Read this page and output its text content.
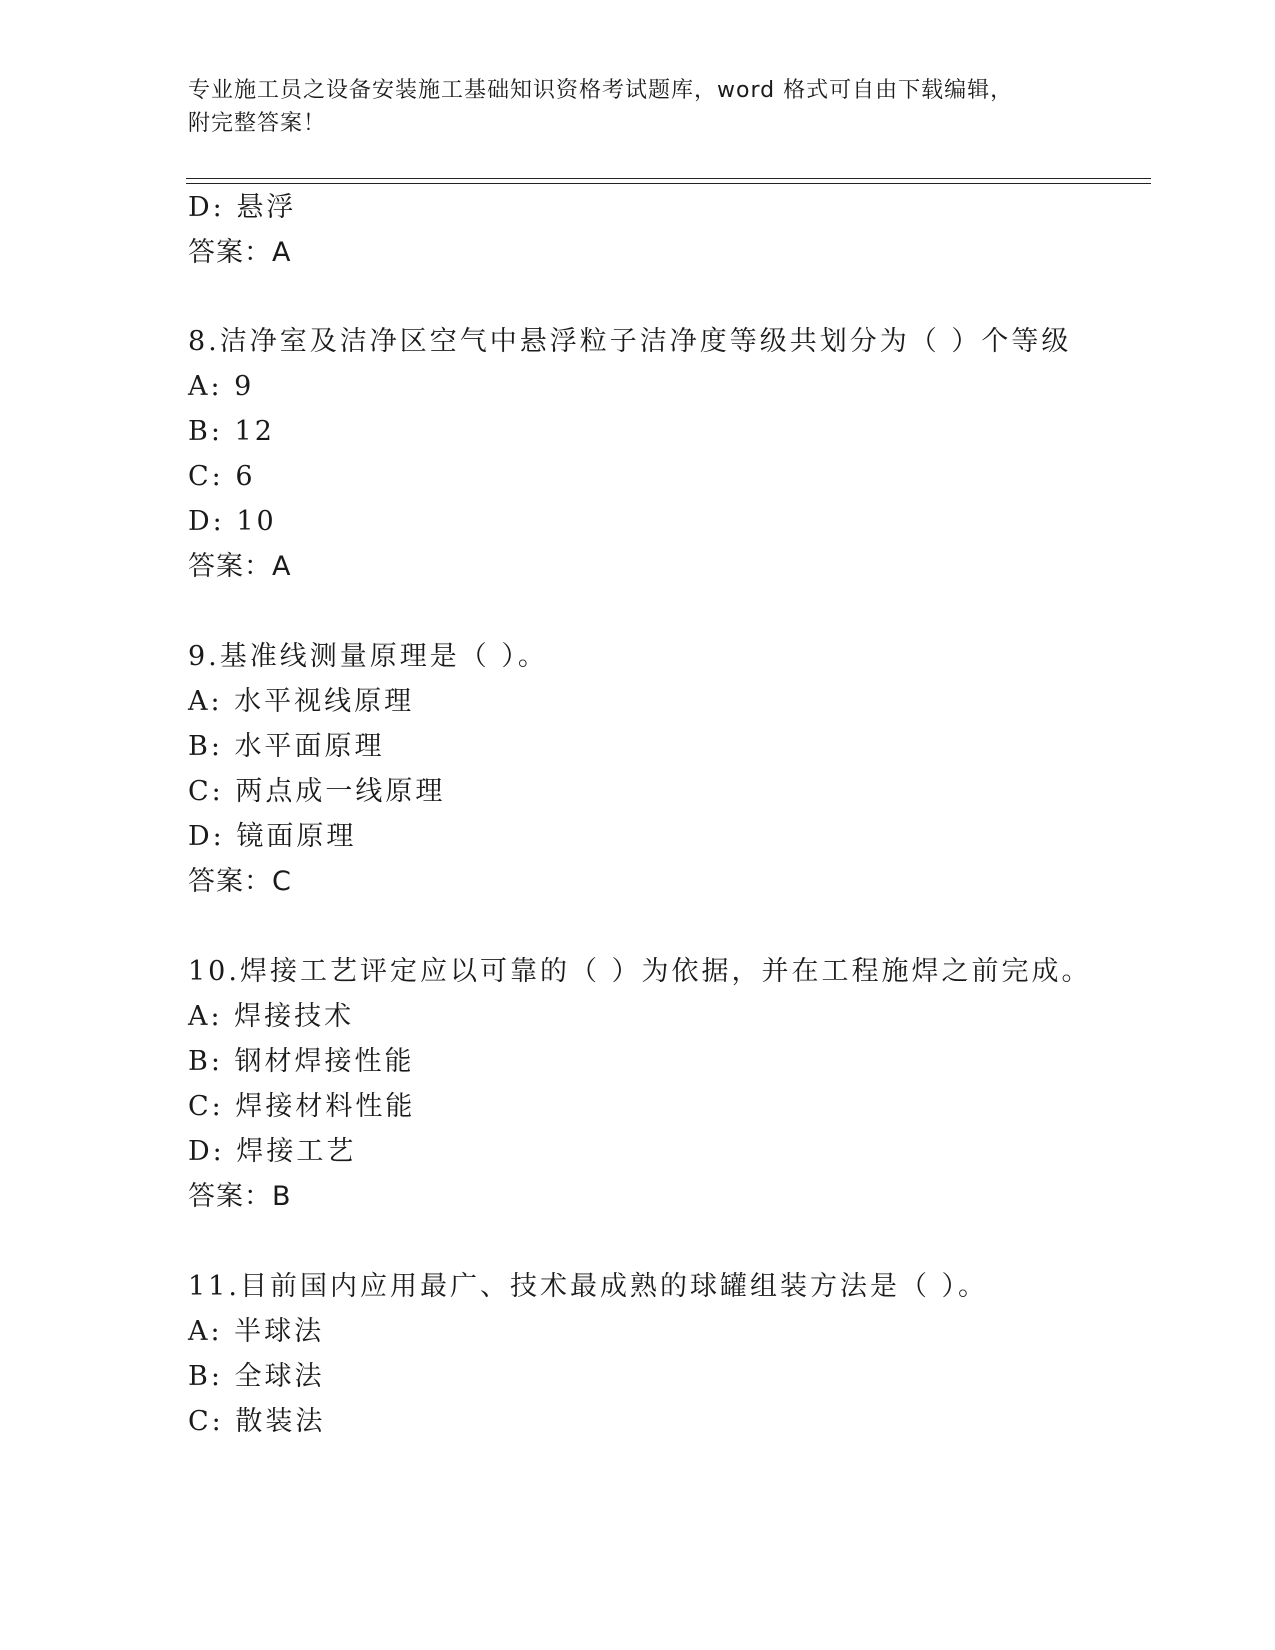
专业施工员之设备安装施工基础知识资格考试题库，word 格式可自由下载编辑，
附完整答案！
D: 悬浮
答案：A
8.洁净室及洁净区空气中悬浮粒子洁净度等级共划分为（ ）个等级
A: 9
B: 12
C: 6
D: 10
答案：A
9.基准线测量原理是（ ）。
A: 水平视线原理
B: 水平面原理
C: 两点成一线原理
D: 镜面原理
答案：C
10.焊接工艺评定应以可靠的（ ）为依据，并在工程施焊之前完成。
A: 焊接技术
B: 钢材焊接性能
C: 焊接材料性能
D: 焊接工艺
答案：B
11.目前国内应用最广、技术最成熟的球罐组装方法是（ ）。
A: 半球法
B: 全球法
C: 散装法
